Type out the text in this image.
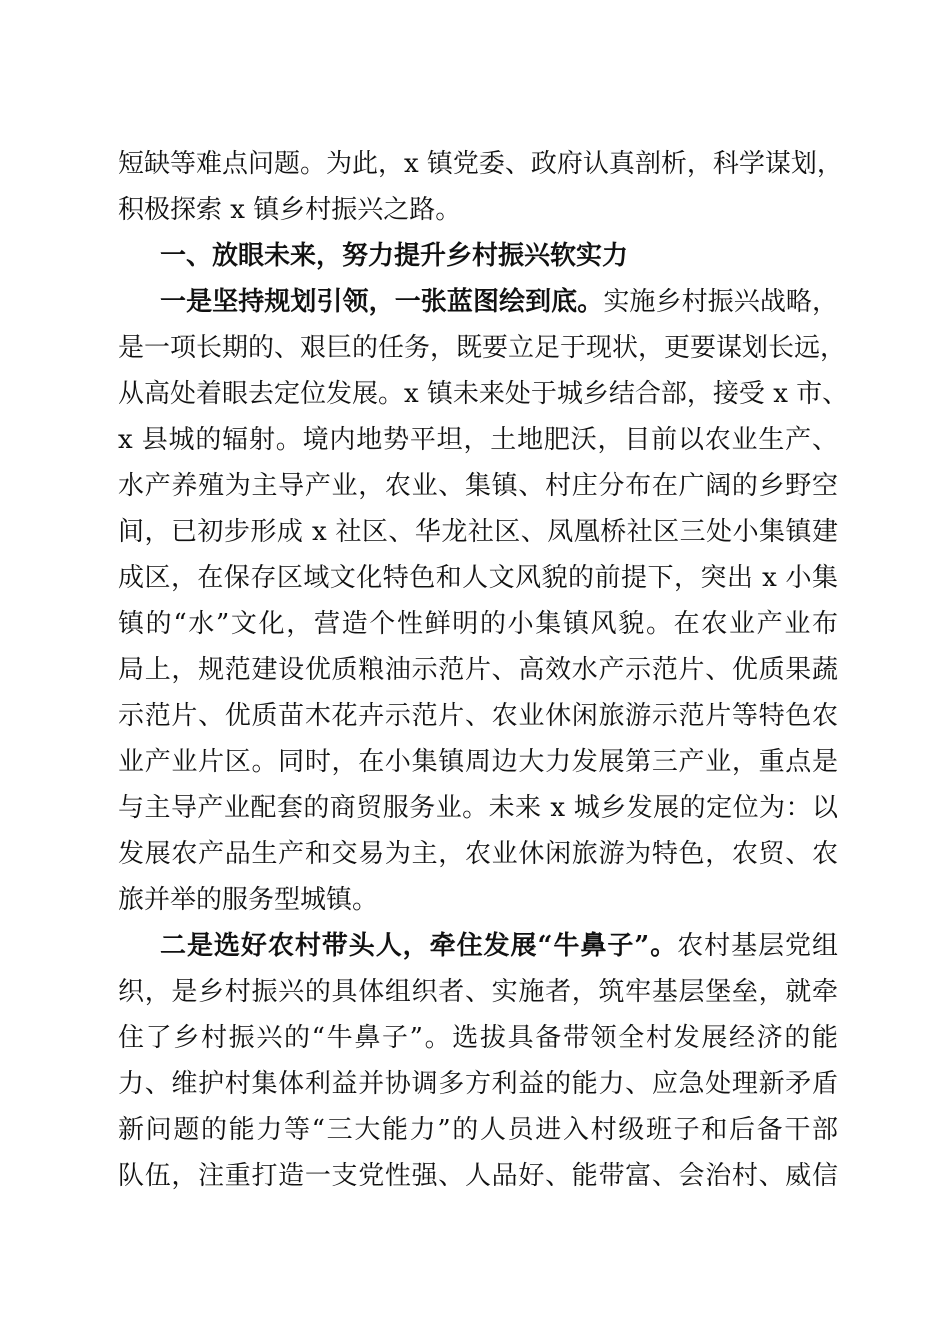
短缺等难点问题。为此，x 镇党委、政府认真剖析，科学谋划，
积极探索 x 镇乡村振兴之路。
一、放眼未来，努力提升乡村振兴软实力
一是坚持规划引领，一张蓝图绘到底。实施乡村振兴战略，
是一项长期的、艰巨的任务，既要立足于现状，更要谋划长远，
从高处着眼去定位发展。x 镇未来处于城乡结合部，接受 x 市、
x 县城的辐射。境内地势平坦，土地肥沃，目前以农业生产、
水产养殖为主导产业，农业、集镇、村庄分布在广阔的乡野空
间，已初步形成 x 社区、华龙社区、凤凰桥社区三处小集镇建
成区，在保存区域文化特色和人文风貌的前提下，突出 x 小集
镇的“水”文化，营造个性鲜明的小集镇风貌。在农业产业布
局上，规范建设优质粮油示范片、高效水产示范片、优质果蔬
示范片、优质苗木花卉示范片、农业休闲旅游示范片等特色农
业产业片区。同时，在小集镇周边大力发展第三产业，重点是
与主导产业配套的商贸服务业。未来 x 城乡发展的定位为：以
发展农产品生产和交易为主，农业休闲旅游为特色，农贸、农
旅并举的服务型城镇。
二是选好农村带头人，牵住发展“牛鼻子”。农村基层党组
织，是乡村振兴的具体组织者、实施者，筑牢基层堡垒，就牵
住了乡村振兴的“牛鼻子”。选拔具备带领全村发展经济的能
力、维护村集体利益并协调多方利益的能力、应急处理新矛盾
新问题的能力等“三大能力”的人员进入村级班子和后备干部
队伍，注重打造一支党性强、人品好、能带富、会治村、威信
